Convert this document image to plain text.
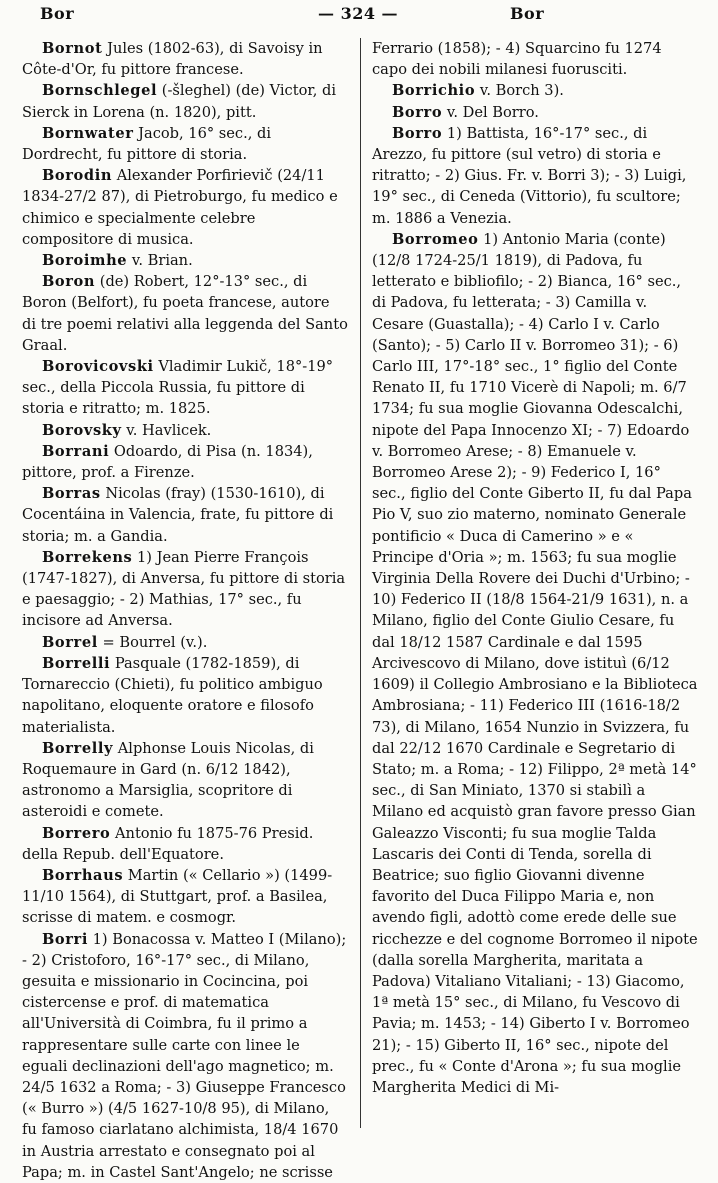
Bor	— 324 —	Bor

Bornot Jules (1802-63), di Savoisy in Côte-d'Or, fu pittore francese.

Bornschlegel (-šleghel) (de) Victor, di Sierck in Lorena (n. 1820), pitt.

Bornwater Jacob, 16° sec., di Dordrecht, fu pittore di storia.

Borodin Alexander Porfirievič (24/11 1834-27/2 87), di Pietroburgo, fu medico e chimico e specialmente celebre compositore di musica.

Boroimhe v. Brian.

Boron (de) Robert, 12°-13° sec., di Boron (Belfort), fu poeta francese, autore di tre poemi relativi alla leggenda del Santo Graal.

Borovicovski Vladimir Lukič, 18°-19° sec., della Piccola Russia, fu pittore di storia e ritratto; m. 1825.

Borovsky v. Havlicek.

Borrani Odoardo, di Pisa (n. 1834), pittore, prof. a Firenze.

Borras Nicolas (fray) (1530-1610), di Cocentáina in Valencia, frate, fu pittore di storia; m. a Gandia.

Borrekens 1) Jean Pierre François (1747-1827), di Anversa, fu pittore di storia e paesaggio; - 2) Mathias, 17° sec., fu incisore ad Anversa.

Borrel = Bourrel (v.).

Borrelli Pasquale (1782-1859), di Tornareccio (Chieti), fu politico ambiguo napolitano, eloquente oratore e filosofo materialista.

Borrelly Alphonse Louis Nicolas, di Roquemaure in Gard (n. 6/12 1842), astronomo a Marsiglia, scopritore di asteroidi e comete.

Borrero Antonio fu 1875-76 Presid. della Repub. dell'Equatore.

Borrhaus Martin (« Cellario ») (1499-11/10 1564), di Stuttgart, prof. a Basilea, scrisse di matem. e cosmogr.

Borri 1) Bonacossa v. Matteo I (Milano); - 2) Cristoforo, 16°-17° sec., di Milano, gesuita e missionario in Cocincina, poi cistercense e prof. di matematica all'Università di Coimbra, fu il primo a rappresentare sulle carte con linee le eguali declinazioni dell'ago magnetico; m. 24/5 1632 a Roma; - 3) Giuseppe Francesco (« Burro ») (4/5 1627-10/8 95), di Milano, fu famoso ciarlatano alchimista, 18/4 1670 in Austria arrestato e consegnato poi al Papa; m. in Castel Sant'Angelo; ne scrisse

Ferrario (1858); - 4) Squarcino fu 1274 capo dei nobili milanesi fuorusciti.

Borrichio v. Borch 3).

Borro v. Del Borro.

Borro 1) Battista, 16°-17° sec., di Arezzo, fu pittore (sul vetro) di storia e ritratto; - 2) Gius. Fr. v. Borri 3); - 3) Luigi, 19° sec., di Ceneda (Vittorio), fu scultore; m. 1886 a Venezia.

Borromeo 1) Antonio Maria (conte) (12/8 1724-25/1 1819), di Padova, fu letterato e bibliofilo; - 2) Bianca, 16° sec., di Padova, fu letterata; - 3) Camilla v. Cesare (Guastalla); - 4) Carlo I v. Carlo (Santo); - 5) Carlo II v. Borromeo 31); - 6) Carlo III, 17°-18° sec., 1° figlio del Conte Renato II, fu 1710 Vicerè di Napoli; m. 6/7 1734; fu sua moglie Giovanna Odescalchi, nipote del Papa Innocenzo XI; - 7) Edoardo v. Borromeo Arese; - 8) Emanuele v. Borromeo Arese 2); - 9) Federico I, 16° sec., figlio del Conte Giberto II, fu dal Papa Pio V, suo zio materno, nominato Generale pontificio « Duca di Camerino » e « Principe d'Oria »; m. 1563; fu sua moglie Virginia Della Rovere dei Duchi d'Urbino; - 10) Federico II (18/8 1564-21/9 1631), n. a Milano, figlio del Conte Giulio Cesare, fu dal 18/12 1587 Cardinale e dal 1595 Arcivescovo di Milano, dove istituì (6/12 1609) il Collegio Ambrosiano e la Biblioteca Ambrosiana; - 11) Federico III (1616-18/2 73), di Milano, 1654 Nunzio in Svizzera, fu dal 22/12 1670 Cardinale e Segretario di Stato; m. a Roma; - 12) Filippo, 2ª metà 14° sec., di San Miniato, 1370 si stabilì a Milano ed acquistò gran favore presso Gian Galeazzo Visconti; fu sua moglie Talda Lascaris dei Conti di Tenda, sorella di Beatrice; suo figlio Giovanni divenne favorito del Duca Filippo Maria e, non avendo figli, adottò come erede delle sue ricchezze e del cognome Borromeo il nipote (dalla sorella Margherita, maritata a Padova) Vitaliano Vitaliani; - 13) Giacomo, 1ª metà 15° sec., di Milano, fu Vescovo di Pavia; m. 1453; - 14) Giberto I v. Borromeo 21); - 15) Giberto II, 16° sec., nipote del prec., fu « Conte d'Arona »; fu sua moglie Margherita Medici di Mi-
